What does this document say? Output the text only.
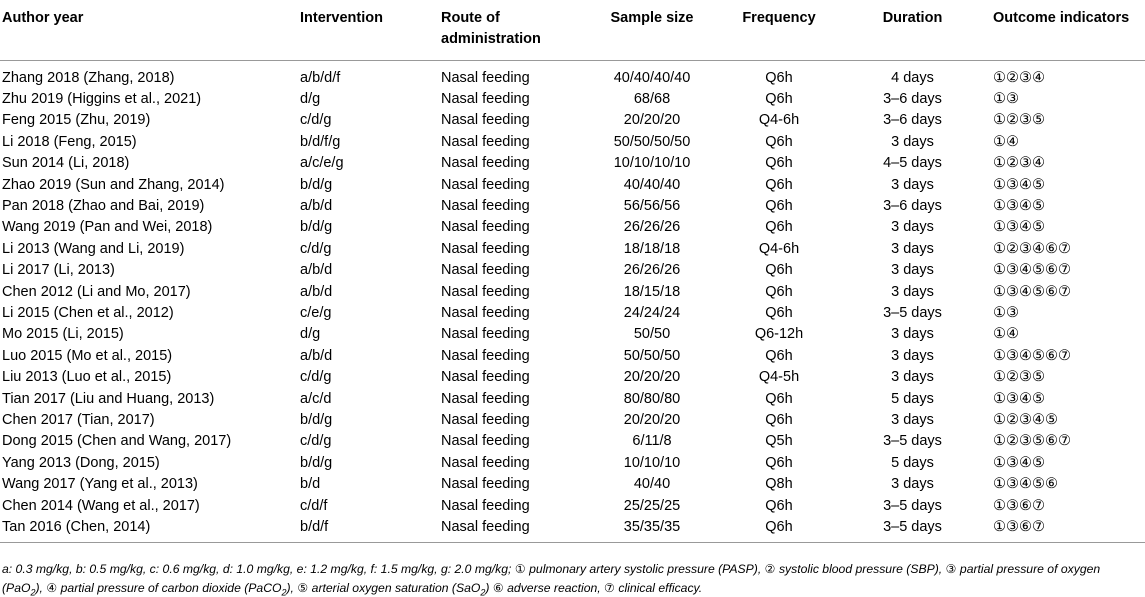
Author year	Intervention	Route of administration	Sample size	Frequency	Duration	Outcome indicators
Zhang 2018 (Zhang, 2018)	a/b/d/f	Nasal feeding	40/40/40/40	Q6h	4 days	①②③④
Zhu 2019 (Higgins et al., 2021)	d/g	Nasal feeding	68/68	Q6h	3–6 days	①③
Feng 2015 (Zhu, 2019)	c/d/g	Nasal feeding	20/20/20	Q4-6h	3–6 days	①②③⑤
Li 2018 (Feng, 2015)	b/d/f/g	Nasal feeding	50/50/50/50	Q6h	3 days	①④
Sun 2014 (Li, 2018)	a/c/e/g	Nasal feeding	10/10/10/10	Q6h	4–5 days	①②③④
Zhao 2019 (Sun and Zhang, 2014)	b/d/g	Nasal feeding	40/40/40	Q6h	3 days	①③④⑤
Pan 2018 (Zhao and Bai, 2019)	a/b/d	Nasal feeding	56/56/56	Q6h	3–6 days	①③④⑤
Wang 2019 (Pan and Wei, 2018)	b/d/g	Nasal feeding	26/26/26	Q6h	3 days	①③④⑤
Li 2013 (Wang and Li, 2019)	c/d/g	Nasal feeding	18/18/18	Q4-6h	3 days	①②③④⑥⑦
Li 2017 (Li, 2013)	a/b/d	Nasal feeding	26/26/26	Q6h	3 days	①③④⑤⑥⑦
Chen 2012 (Li and Mo, 2017)	a/b/d	Nasal feeding	18/15/18	Q6h	3 days	①③④⑤⑥⑦
Li 2015 (Chen et al., 2012)	c/e/g	Nasal feeding	24/24/24	Q6h	3–5 days	①③
Mo 2015 (Li, 2015)	d/g	Nasal feeding	50/50	Q6-12h	3 days	①④
Luo 2015 (Mo et al., 2015)	a/b/d	Nasal feeding	50/50/50	Q6h	3 days	①③④⑤⑥⑦
Liu 2013 (Luo et al., 2015)	c/d/g	Nasal feeding	20/20/20	Q4-5h	3 days	①②③⑤
Tian 2017 (Liu and Huang, 2013)	a/c/d	Nasal feeding	80/80/80	Q6h	5 days	①③④⑤
Chen 2017 (Tian, 2017)	b/d/g	Nasal feeding	20/20/20	Q6h	3 days	①②③④⑤
Dong 2015 (Chen and Wang, 2017)	c/d/g	Nasal feeding	6/11/8	Q5h	3–5 days	①②③⑤⑥⑦
Yang 2013 (Dong, 2015)	b/d/g	Nasal feeding	10/10/10	Q6h	5 days	①③④⑤
Wang 2017 (Yang et al., 2013)	b/d	Nasal feeding	40/40	Q8h	3 days	①③④⑤⑥
Chen 2014 (Wang et al., 2017)	c/d/f	Nasal feeding	25/25/25	Q6h	3–5 days	①③⑥⑦
Tan 2016 (Chen, 2014)	b/d/f	Nasal feeding	35/35/35	Q6h	3–5 days	①③⑥⑦
a: 0.3 mg/kg, b: 0.5 mg/kg, c: 0.6 mg/kg, d: 1.0 mg/kg, e: 1.2 mg/kg, f: 1.5 mg/kg, g: 2.0 mg/kg; ① pulmonary artery systolic pressure (PASP), ② systolic blood pressure (SBP), ③ partial pressure of oxygen (PaO$_2$), ④ partial pressure of carbon dioxide (PaCO$_2$), ⑤ arterial oxygen saturation (SaO$_2$) ⑥ adverse reaction, ⑦ clinical efficacy.
